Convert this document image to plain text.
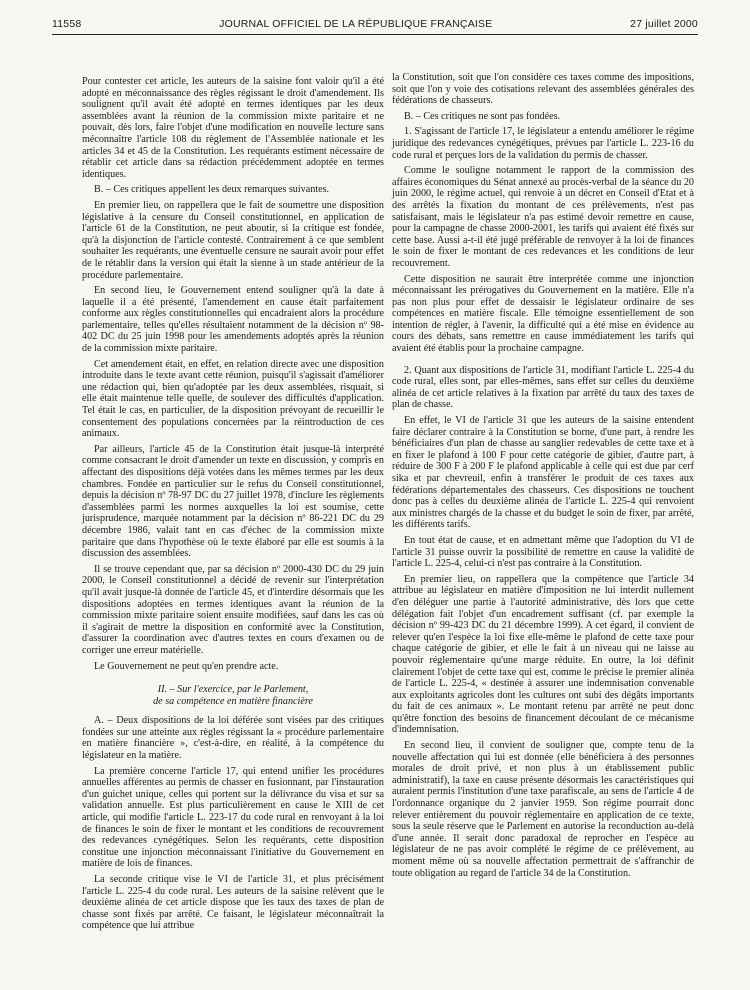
11558	JOURNAL OFFICIEL DE LA RÉPUBLIQUE FRANÇAISE	27 juillet 2000

Pour contester cet article, les auteurs de la saisine font valoir qu'il a été adopté en méconnaissance des règles régissant le droit d'amendement. Ils soulignent qu'il avait été adopté en termes identiques par les deux assemblées avant la réunion de la commission mixte paritaire et ne pouvait, dès lors, faire l'objet d'une modification en nouvelle lecture sans méconnaître l'article 108 du règlement de l'Assemblée nationale et les articles 34 et 45 de la Constitution. Les requérants estiment nécessaire de rétablir cet article dans sa rédaction précédemment adoptée en termes identiques.

B. – Ces critiques appellent les deux remarques suivantes.

En premier lieu, on rappellera que le fait de soumettre une disposition législative à la censure du Conseil constitutionnel, en application de l'article 61 de la Constitution, ne peut aboutir, si la critique est fondée, qu'à la disjonction de l'article contesté. Contrairement à ce que semblent souhaiter les requérants, une éventuelle censure ne saurait avoir pour effet de le rétablir dans la version qui était la sienne à un stade antérieur de la procédure parlementaire.

En second lieu, le Gouvernement entend souligner qu'à la date à laquelle il a été présenté, l'amendement en cause était parfaitement conforme aux règles constitutionnelles qui encadraient alors la procédure parlementaire, telles qu'elles résultaient notamment de la décision nº 98-402 DC du 25 juin 1998 pour les amendements adoptés après la réunion de la commission mixte paritaire.

Cet amendement était, en effet, en relation directe avec une disposition introduite dans le texte avant cette réunion, puisqu'il s'agissait d'améliorer une rédaction qui, bien qu'adoptée par les deux assemblées, risquait, si elle était maintenue telle quelle, de soulever des difficultés d'application. Tel était le cas, en particulier, de la disposition prévoyant de recueillir le consentement des populations concernées par la réintroduction de ces animaux.

Par ailleurs, l'article 45 de la Constitution était jusque-là interprété comme consacrant le droit d'amender un texte en discussion, y compris en affectant des dispositions déjà votées dans les mêmes termes par les deux chambres. Fondée en particulier sur le refus du Conseil constitutionnel, depuis la décision nº 78-97 DC du 27 juillet 1978, d'inclure les règlements d'assemblées parmi les normes auxquelles la loi est soumise, cette jurisprudence, marquée notamment par la décision nº 86-221 DC du 29 décembre 1986, valait tant en cas d'échec de la commission mixte paritaire que dans l'hypothèse où le texte élaboré par elle est soumis à la discussion des assemblées.

Il se trouve cependant que, par sa décision nº 2000-430 DC du 29 juin 2000, le Conseil constitutionnel a décidé de revenir sur l'interprétation qu'il avait jusque-là donnée de l'article 45, et d'interdire désormais que les dispositions adoptées en termes identiques avant la réunion de la commission mixte paritaire soient ensuite modifiées, sauf dans les cas où il s'agirait de mettre la disposition en conformité avec la Constitution, d'assurer la coordination avec d'autres textes en cours d'examen ou de corriger une erreur matérielle.

Le Gouvernement ne peut qu'en prendre acte.

II. – Sur l'exercice, par le Parlement,
de sa compétence en matière financière

A. – Deux dispositions de la loi déférée sont visées par des critiques fondées sur une atteinte aux règles régissant la « procédure parlementaire en matière financière », c'est-à-dire, en réalité, à la compétence du législateur en la matière.

La première concerne l'article 17, qui entend unifier les procédures annuelles afférentes au permis de chasser en fusionnant, par l'instauration d'un guichet unique, celles qui portent sur la délivrance du visa et sur sa validation annuelle. Est plus particulièrement en cause le XIII de cet article, qui modifie l'article L. 223-17 du code rural en renvoyant à la loi de finances le soin de fixer le montant et les conditions de recouvrement des redevances cynégétiques. Selon les requérants, cette disposition constitue une injonction méconnaissant l'initiative du Gouvernement en matière de lois de finances.

La seconde critique vise le VI de l'article 31, et plus précisément l'article L. 225-4 du code rural. Les auteurs de la saisine relèvent que le deuxième alinéa de cet article dispose que les taux des taxes de plan de chasse sont fixés par arrêté. Ce faisant, le législateur méconnaîtrait la compétence que lui attribue

la Constitution, soit que l'on considère ces taxes comme des impositions, soit que l'on y voie des cotisations relevant des assemblées générales des fédérations de chasseurs.

B. – Ces critiques ne sont pas fondées.

1. S'agissant de l'article 17, le législateur a entendu améliorer le régime juridique des redevances cynégétiques, prévues par l'article L. 223-16 du code rural et perçues lors de la validation du permis de chasser.

Comme le souligne notamment le rapport de la commission des affaires économiques du Sénat annexé au procès-verbal de la séance du 20 juin 2000, le régime actuel, qui renvoie à un décret en Conseil d'Etat et à des arrêtés la fixation du montant de ces prélèvements, n'est pas satisfaisant, mais le législateur n'a pas estimé devoir remettre en cause, pour la campagne de chasse 2000-2001, les tarifs qui avaient été fixés sur cette base. Aussi a-t-il été jugé préférable de renvoyer à la loi de finances le soin de fixer le montant de ces redevances et les conditions de leur recouvrement.

Cette disposition ne saurait être interprétée comme une injonction méconnaissant les prérogatives du Gouvernement en la matière. Elle n'a pas non plus pour effet de dessaisir le législateur ordinaire de ses compétences en matière fiscale. Elle témoigne essentiellement de son intention de régler, à l'avenir, la difficulté qui a été mise en évidence au cours des débats, sans remettre en cause immédiatement les tarifs qui avaient été établis pour la prochaine campagne.

2. Quant aux dispositions de l'article 31, modifiant l'article L. 225-4 du code rural, elles sont, par elles-mêmes, sans effet sur celles du deuxième alinéa de cet article relatives à la fixation par arrêté du taux des taxes de plan de chasse.

En effet, le VI de l'article 31 que les auteurs de la saisine entendent faire déclarer contraire à la Constitution se borne, d'une part, à rendre les bénéficiaires d'un plan de chasse au sanglier redevables de cette taxe et à en fixer le plafond à 100 F pour cette catégorie de gibier, d'autre part, à réduire de 300 F à 200 F le plafond applicable à celle qui est due par cerf sika et par chevreuil, enfin à transférer le produit de ces taxes aux fédérations départementales des chasseurs. Ces dispositions ne touchent donc pas à celles du deuxième alinéa de l'article L. 225-4 qui renvoient aux ministres chargés de la chasse et du budget le soin de fixer, par arrêté, les différents tarifs.

En tout état de cause, et en admettant même que l'adoption du VI de l'article 31 puisse ouvrir la possibilité de remettre en cause la validité de l'article L. 225-4, celui-ci n'est pas contraire à la Constitution.

En premier lieu, on rappellera que la compétence que l'article 34 attribue au législateur en matière d'imposition ne lui interdit nullement d'en déléguer une partie à l'autorité administrative, dès lors que cette délégation fait l'objet d'un encadrement suffisant (cf. par exemple la décision nº 99-423 DC du 21 décembre 1999). A cet égard, il convient de relever qu'en l'espèce la loi fixe elle-même le plafond de cette taxe pour chaque catégorie de gibier, et elle le fait à un niveau qui ne laisse au pouvoir réglementaire qu'une marge réduite. En outre, la loi définit clairement l'objet de cette taxe qui est, comme le précise le premier alinéa de l'article L. 225-4, « destinée à assurer une indemnisation convenable aux exploitants agricoles dont les cultures ont subi des dégâts importants du fait de ces animaux ». Le montant retenu par arrêté ne peut donc qu'être fonction des besoins de financement découlant de ce mécanisme d'indemnisation.

En second lieu, il convient de souligner que, compte tenu de la nouvelle affectation qui lui est donnée (elle bénéficiera à des personnes morales de droit privé, et non plus à un établissement public administratif), la taxe en cause présente désormais les caractéristiques qui auraient permis l'institution d'une taxe parafiscale, au sens de l'article 4 de l'ordonnance organique du 2 janvier 1959. Son régime pourrait donc relever entièrement du pouvoir réglementaire en application de ce texte, sous la seule réserve que le Parlement en autorise la reconduction au-delà d'une année. Il serait donc paradoxal de reprocher en l'espèce au législateur de ne pas avoir complété le régime de ce prélèvement, au moment même où sa nouvelle affectation permettrait de s'affranchir de toute obligation au regard de l'article 34 de la Constitution.
